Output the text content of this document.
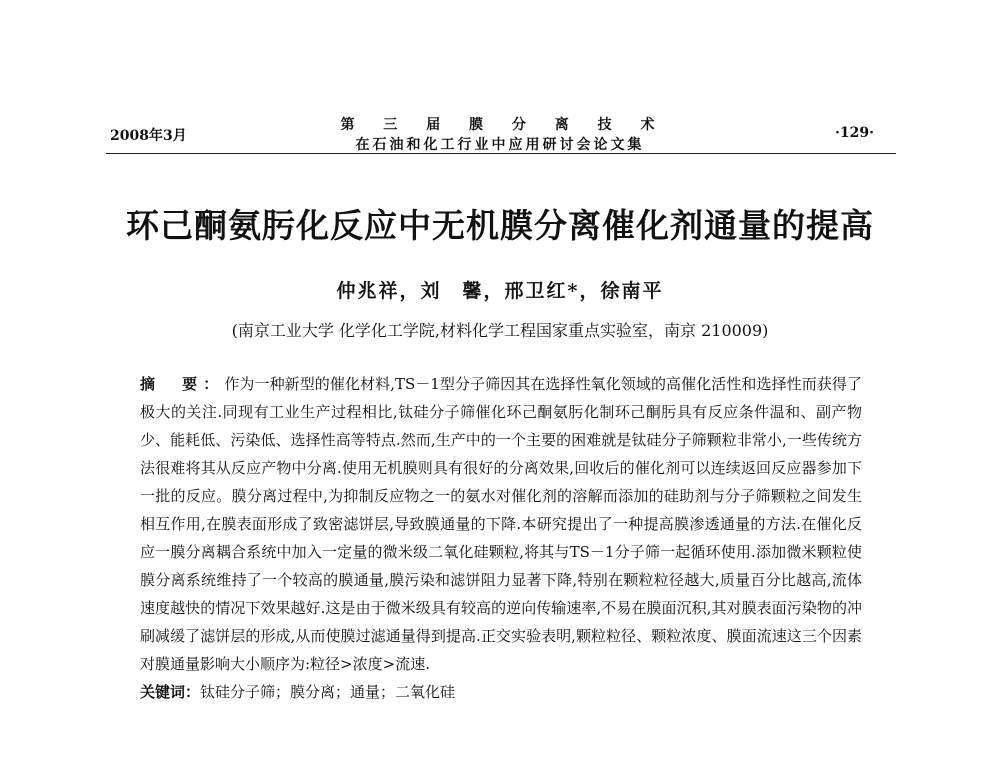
2008年3月
第 三 届 膜 分 离 技 术
在石油和化工行业中应用研讨会论文集
·129·
环己酮氨肟化反应中无机膜分离催化剂通量的提高
仲兆祥，刘　馨，邢卫红*，徐南平
(南京工业大学 化学化工学院,材料化学工程国家重点实验室，南京 210009)

摘　要：作为一种新型的催化材料,TS－1型分子筛因其在选择性氧化领域的高催化活性和选择性而获得了极大的关注.同现有工业生产过程相比,钛硅分子筛催化环己酮氨肟化制环己酮肟具有反应条件温和、副产物少、能耗低、污染低、选择性高等特点.然而,生产中的一个主要的困难就是钛硅分子筛颗粒非常小,一些传统方法很难将其从反应产物中分离.使用无机膜则具有很好的分离效果,回收后的催化剂可以连续返回反应器参加下一批的反应。膜分离过程中,为抑制反应物之一的氨水对催化剂的溶解而添加的硅助剂与分子筛颗粒之间发生相互作用,在膜表面形成了致密滤饼层,导致膜通量的下降.本研究提出了一种提高膜渗透通量的方法.在催化反应一膜分离耦合系统中加入一定量的微米级二氧化硅颗粒,将其与TS－1分子筛一起循环使用.添加微米颗粒使膜分离系统维持了一个较高的膜通量,膜污染和滤饼阻力显著下降,特别在颗粒粒径越大,质量百分比越高,流体速度越快的情况下效果越好.这是由于微米级具有较高的逆向传输速率,不易在膜面沉积,其对膜表面污染物的冲刷减缓了滤饼层的形成,从而使膜过滤通量得到提高.正交实验表明,颗粒粒径、颗粒浓度、膜面流速这三个因素对膜通量影响大小顺序为:粒径>浓度>流速.

关键词：钛硅分子筛；膜分离；通量；二氧化硅
